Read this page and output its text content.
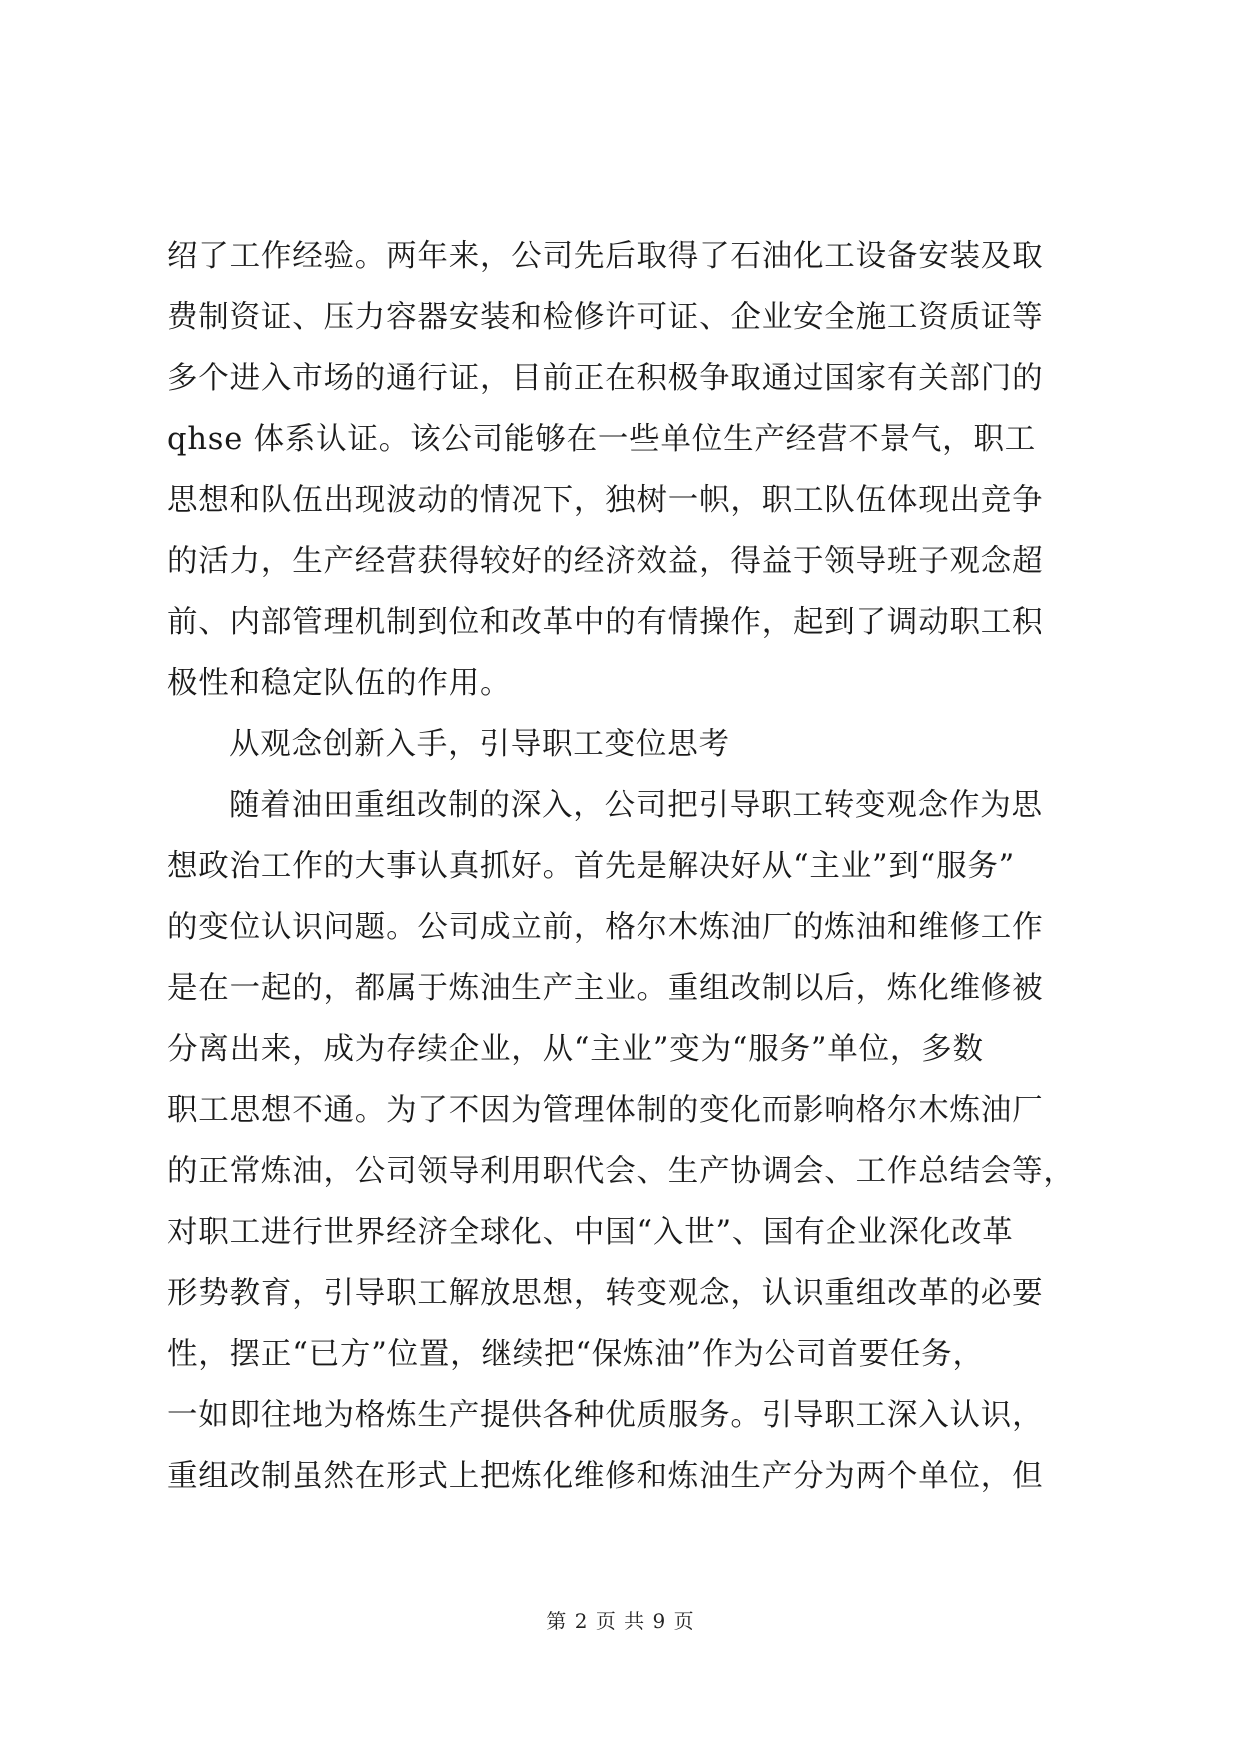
绍了工作经验。两年来，公司先后取得了石油化工设备安装及取
费制资证、压力容器安装和检修许可证、企业安全施工资质证等
多个进入市场的通行证，目前正在积极争取通过国家有关部门的
qhse 体系认证。该公司能够在一些单位生产经营不景气，职工
思想和队伍出现波动的情况下，独树一帜，职工队伍体现出竞争
的活力，生产经营获得较好的经济效益，得益于领导班子观念超
前、内部管理机制到位和改革中的有情操作，起到了调动职工积
极性和稳定队伍的作用。
从观念创新入手，引导职工变位思考
随着油田重组改制的深入，公司把引导职工转变观念作为思
想政治工作的大事认真抓好。首先是解决好从“主业”到“服务”
的变位认识问题。公司成立前，格尔木炼油厂的炼油和维修工作
是在一起的，都属于炼油生产主业。重组改制以后，炼化维修被
分离出来，成为存续企业，从“主业”变为“服务”单位，多数
职工思想不通。为了不因为管理体制的变化而影响格尔木炼油厂
的正常炼油，公司领导利用职代会、生产协调会、工作总结会等，
对职工进行世界经济全球化、中国“入世”、国有企业深化改革
形势教育，引导职工解放思想，转变观念，认识重组改革的必要
性，摆正“已方”位置，继续把“保炼油”作为公司首要任务，
一如即往地为格炼生产提供各种优质服务。引导职工深入认识，
重组改制虽然在形式上把炼化维修和炼油生产分为两个单位，但
第 2 页 共 9 页
